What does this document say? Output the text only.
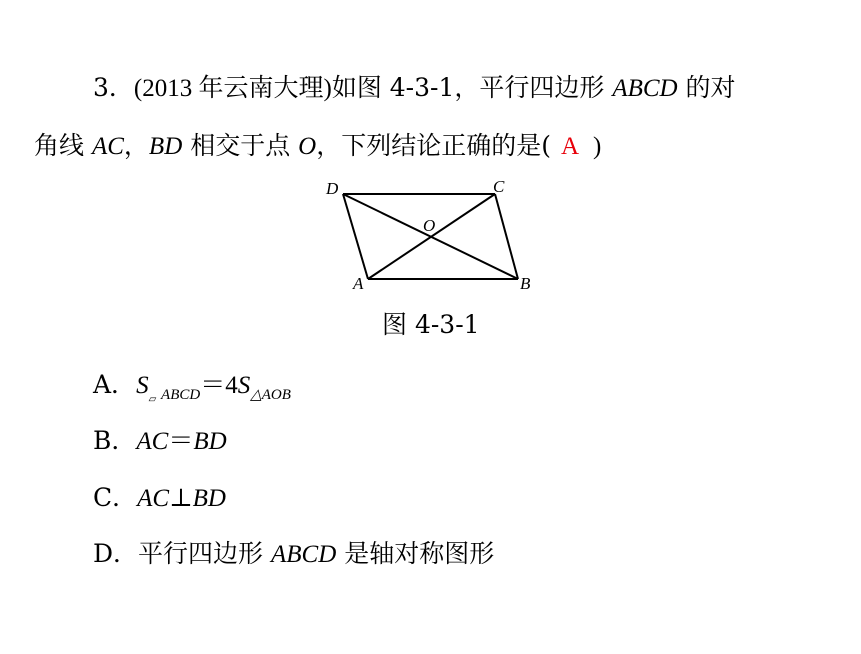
3．(2013 年云南大理)如图 4-3-1，平行四边形 ABCD 的对
角线 AC，BD 相交于点 O，下列结论正确的是( A )
D	C
O
A	B
图 4-3-1
A．$S_{_▱ ABCD}=4S_{\triangle AOB}$
B．AC＝BD
C．AC⊥BD
D．平行四边形 ABCD 是轴对称图形
